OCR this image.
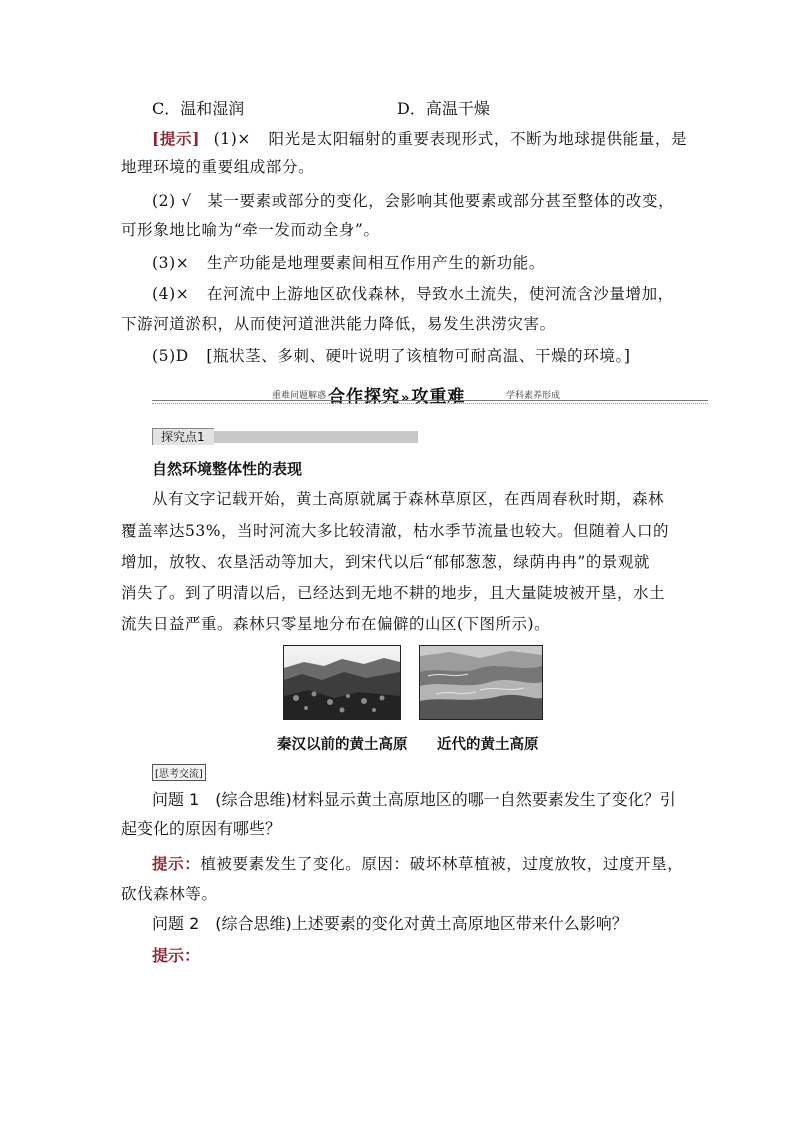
C．温和湿润	D．高温干燥
[提示] (1)× 阳光是太阳辐射的重要表现形式，不断为地球提供能量，是
地理环境的重要组成部分。
(2) √ 某一要素或部分的变化，会影响其他要素或部分甚至整体的改变，
可形象地比喻为“牵一发而动全身”。
(3)× 生产功能是地理要素间相互作用产生的新功能。
(4)× 在河流中上游地区砍伐森林，导致水土流失，使河流含沙量增加，
下游河道淤积，从而使河道泄洪能力降低，易发生洪涝灾害。
(5)D [瓶状茎、多刺、硬叶说明了该植物可耐高温、干燥的环境。]
重难问题解惑 合作探究»攻重难	学科素养形成
探究点1
自然环境整体性的表现
从有文字记载开始，黄土高原就属于森林草原区，在西周春秋时期，森林
覆盖率达53%，当时河流大多比较清澈，枯水季节流量也较大。但随着人口的
增加，放牧、农垦活动等加大，到宋代以后“郁郁葱葱，绿荫冉冉”的景观就
消失了。到了明清以后，已经达到无地不耕的地步，且大量陡坡被开垦，水土
流失日益严重。森林只零星地分布在偏僻的山区(下图所示)。
秦汉以前的黄土高原 近代的黄土高原
[思考交流]
问题 1　(综合思维)材料显示黄土高原地区的哪一自然要素发生了变化？引
起变化的原因有哪些？
提示：植被要素发生了变化。原因：破坏林草植被，过度放牧，过度开垦，
砍伐森林等。
问题 2　(综合思维)上述要素的变化对黄土高原地区带来什么影响？
提示：
